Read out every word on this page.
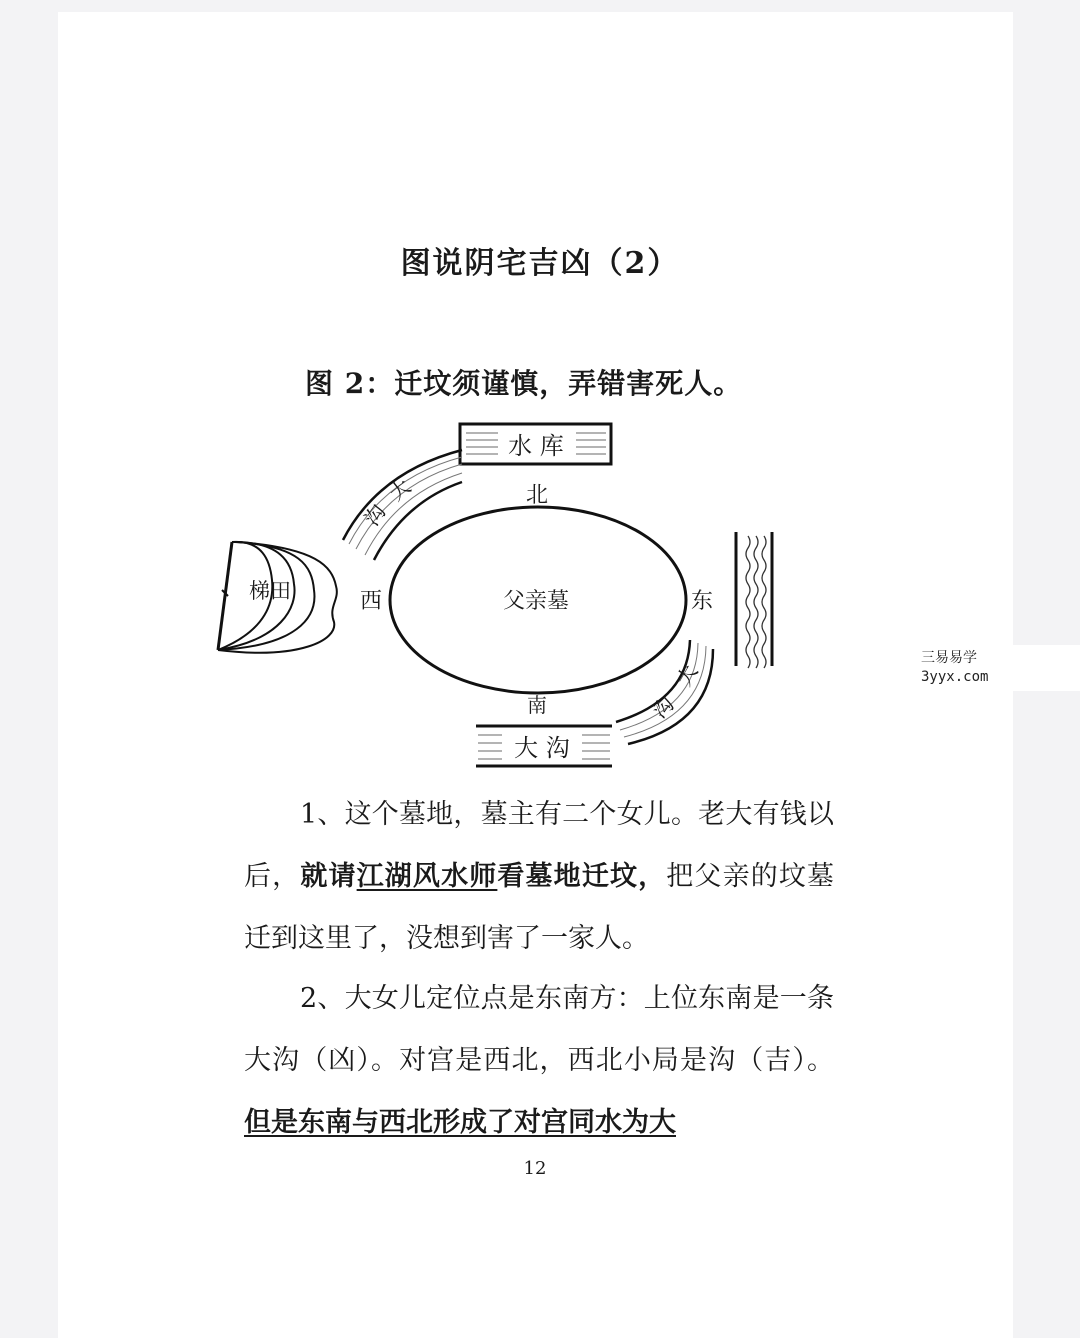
图说阴宅吉凶（2）
图 2：迁坟须谨慎，弄错害死人。
水 库
父亲墓
北
西	东
南
大
沟
大
沟
大 沟
梯田

1、这个墓地，墓主有二个女儿。老大有钱以后，就请江湖风水师看墓地迁坟，把父亲的坟墓迁到这里了，没想到害了一家人。

2、大女儿定位点是东南方：上位东南是一条大沟（凶）。对宫是西北，西北小局是沟（吉）。但是东南与西北形成了对宫同水为大

12
三易易学
3yyx.com
